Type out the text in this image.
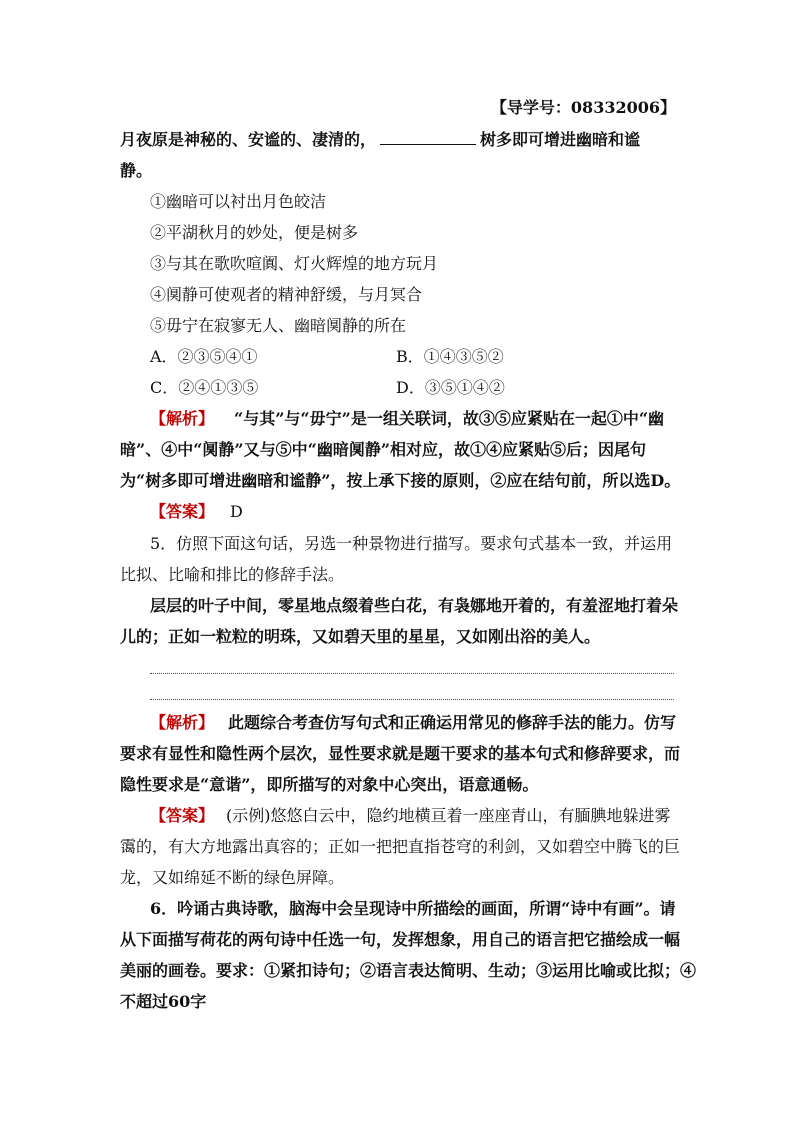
【导学号：08332006】
月夜原是神秘的、安谧的、凄清的，	树多即可增进幽暗和谧
静。
①幽暗可以衬出月色皎洁
②平湖秋月的妙处，便是树多
③与其在歌吹喧阗、灯火辉煌的地方玩月
④阒静可使观者的精神舒缓，与月冥合
⑤毋宁在寂寥无人、幽暗阒静的所在
A．②③⑤④①	B．①④③⑤②
C．②④①③⑤	D．③⑤①④②
【解析】 “与其”与“毋宁”是一组关联词，故③⑤应紧贴在一起①中“幽
暗”、④中“阒静”又与⑤中“幽暗阒静”相对应，故①④应紧贴⑤后；因尾句
为“树多即可增进幽暗和谧静”，按上承下接的原则，②应在结句前，所以选D。
【答案】 D
5．仿照下面这句话，另选一种景物进行描写。要求句式基本一致，并运用
比拟、比喻和排比的修辞手法。
层层的叶子中间，零星地点缀着些白花，有袅娜地开着的，有羞涩地打着朵
儿的；正如一粒粒的明珠，又如碧天里的星星，又如刚出浴的美人。
【解析】 此题综合考查仿写句式和正确运用常见的修辞手法的能力。仿写
要求有显性和隐性两个层次，显性要求就是题干要求的基本句式和修辞要求，而
隐性要求是“意谐”，即所描写的对象中心突出，语意通畅。
【答案】 (示例)悠悠白云中，隐约地横亘着一座座青山，有腼腆地躲进雾
霭的，有大方地露出真容的；正如一把把直指苍穹的利剑，又如碧空中腾飞的巨
龙，又如绵延不断的绿色屏障。
6．吟诵古典诗歌，脑海中会呈现诗中所描绘的画面，所谓“诗中有画”。请
从下面描写荷花的两句诗中任选一句，发挥想象，用自己的语言把它描绘成一幅
美丽的画卷。要求：①紧扣诗句；②语言表达简明、生动；③运用比喻或比拟；④
不超过60字
